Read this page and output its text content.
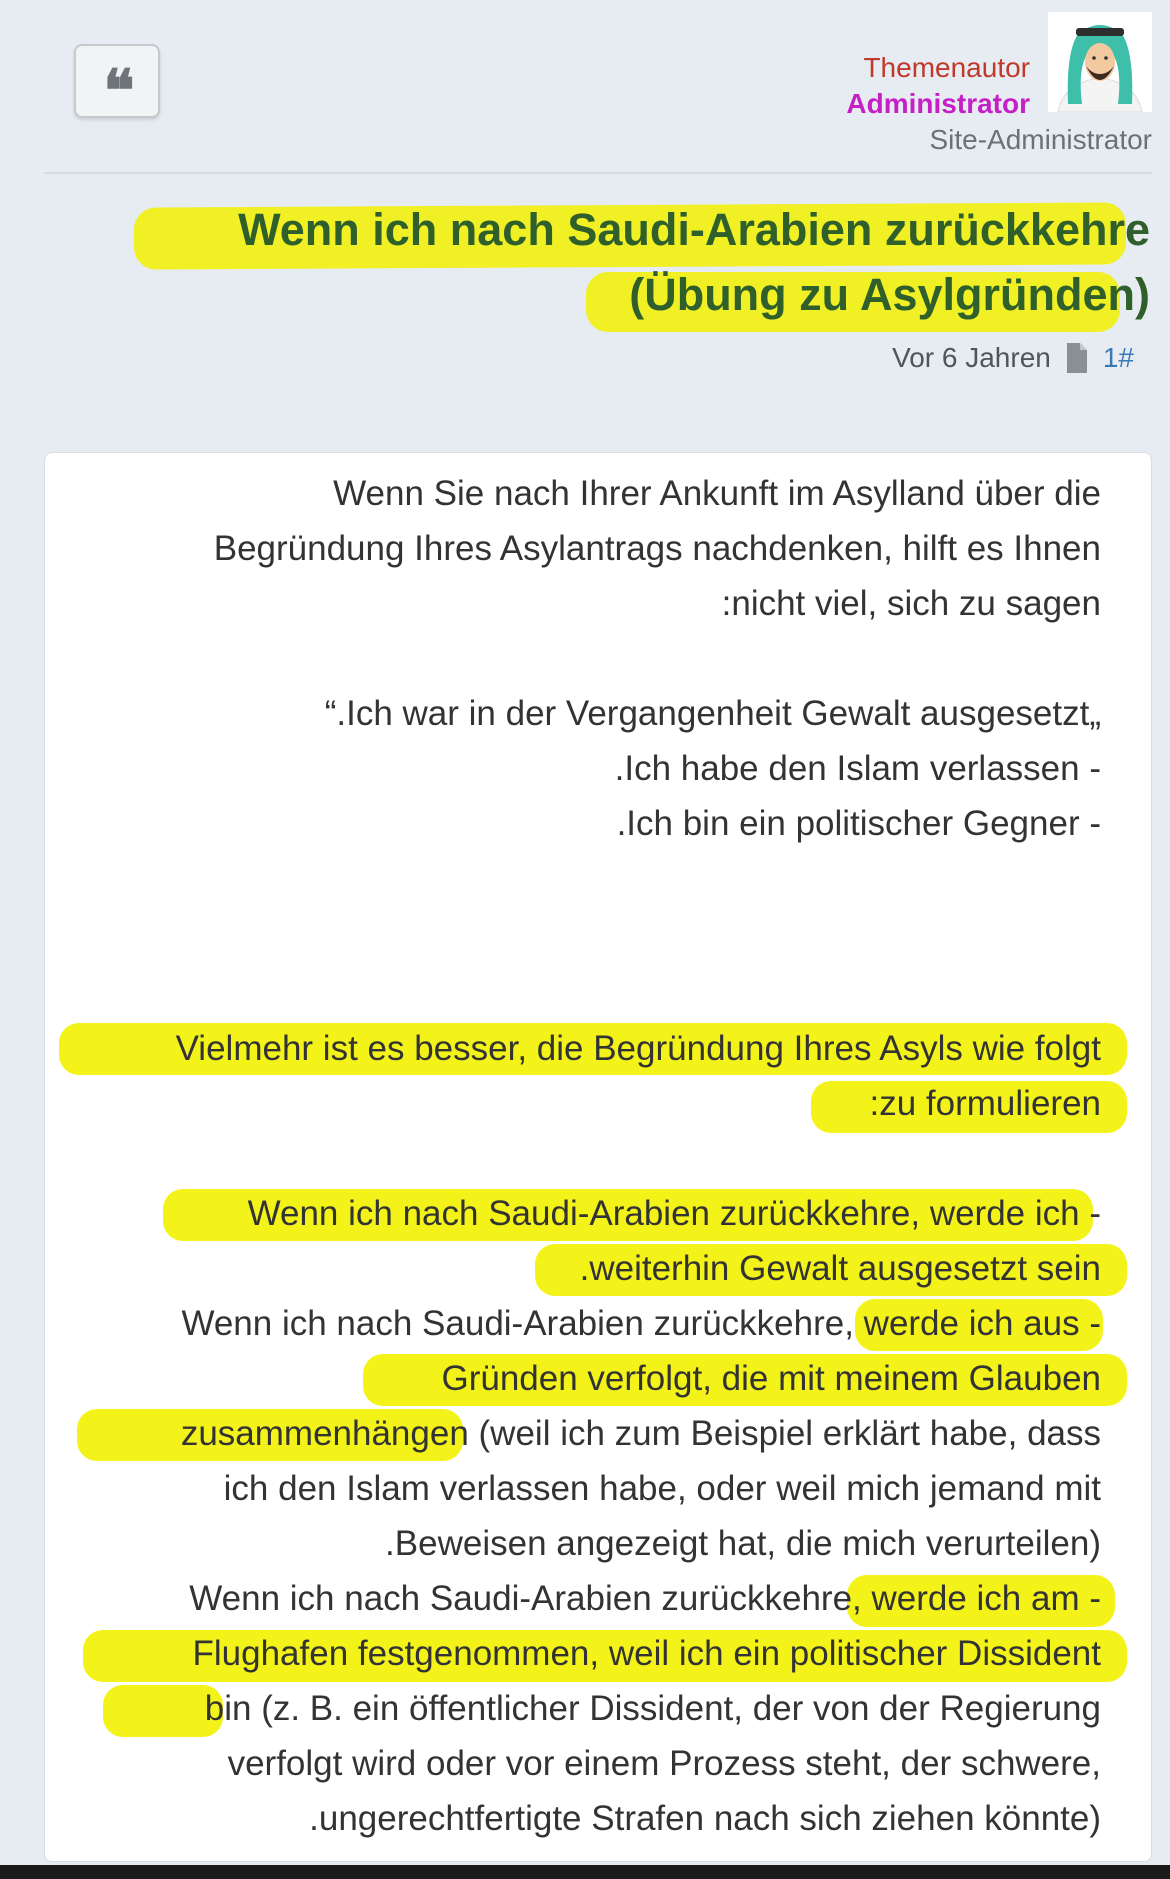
❝	Themenautor
Administrator
Site-Administrator
Wenn ich nach Saudi-Arabien zurückkehre
(Übung zu Asylgründen)
Vor 6 Jahren 1#
Wenn Sie nach Ihrer Ankunft im Asylland über die
Begründung Ihres Asylantrags nachdenken, hilft es Ihnen
:nicht viel, sich zu sagen
“.Ich war in der Vergangenheit Gewalt ausgesetzt„
.Ich habe den Islam verlassen -
.Ich bin ein politischer Gegner -
Vielmehr ist es besser, die Begründung Ihres Asyls wie folgt
:zu formulieren
Wenn ich nach Saudi-Arabien zurückkehre, werde ich -
.weiterhin Gewalt ausgesetzt sein
Wenn ich nach Saudi-Arabien zurückkehre, werde ich aus -
Gründen verfolgt, die mit meinem Glauben
zusammenhängen (weil ich zum Beispiel erklärt habe, dass
ich den Islam verlassen habe, oder weil mich jemand mit
.Beweisen angezeigt hat, die mich verurteilen)
Wenn ich nach Saudi-Arabien zurückkehre, werde ich am -
Flughafen festgenommen, weil ich ein politischer Dissident
bin (z. B. ein öffentlicher Dissident, der von der Regierung
verfolgt wird oder vor einem Prozess steht, der schwere,
.ungerechtfertigte Strafen nach sich ziehen könnte)
